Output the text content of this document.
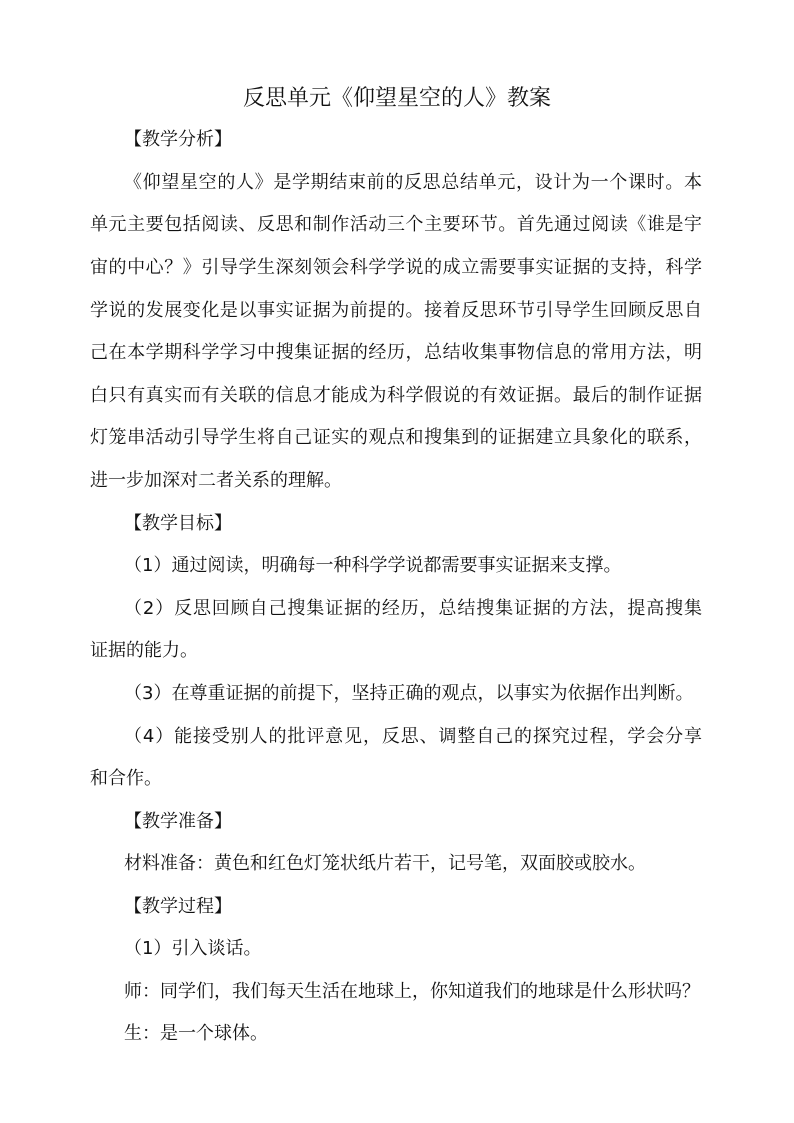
反思单元《仰望星空的人》教案
【教学分析】
《仰望星空的人》是学期结束前的反思总结单元，设计为一个课时。本
单元主要包括阅读、反思和制作活动三个主要环节。首先通过阅读《谁是宇
宙的中心？》引导学生深刻领会科学学说的成立需要事实证据的支持，科学
学说的发展变化是以事实证据为前提的。接着反思环节引导学生回顾反思自
己在本学期科学学习中搜集证据的经历，总结收集事物信息的常用方法，明
白只有真实而有关联的信息才能成为科学假说的有效证据。最后的制作证据
灯笼串活动引导学生将自己证实的观点和搜集到的证据建立具象化的联系，
进一步加深对二者关系的理解。
【教学目标】
（1）通过阅读，明确每一种科学学说都需要事实证据来支撑。
（2）反思回顾自己搜集证据的经历，总结搜集证据的方法，提高搜集
证据的能力。
（3）在尊重证据的前提下，坚持正确的观点，以事实为依据作出判断。
（4）能接受别人的批评意见，反思、调整自己的探究过程，学会分享
和合作。
【教学准备】
材料准备：黄色和红色灯笼状纸片若干，记号笔，双面胶或胶水。
【教学过程】
（1）引入谈话。
师：同学们，我们每天生活在地球上，你知道我们的地球是什么形状吗？
生：是一个球体。
